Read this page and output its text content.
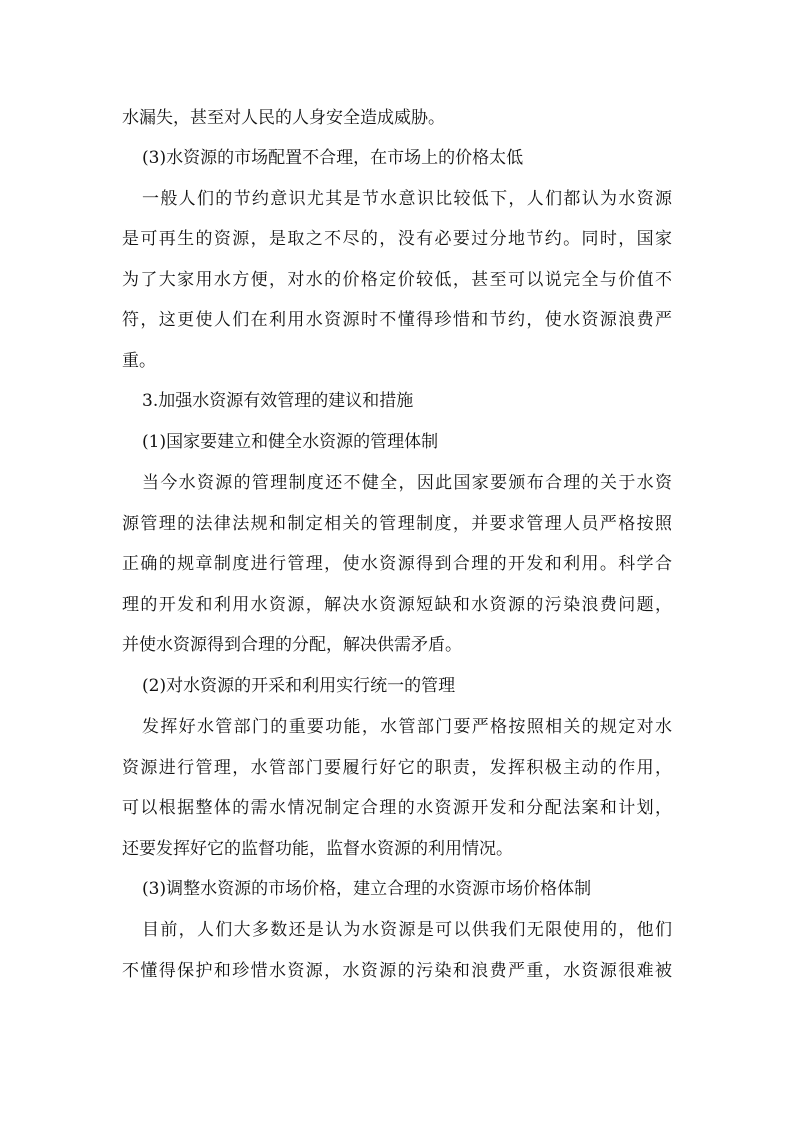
水漏失，甚至对人民的人身安全造成威胁。
(3)水资源的市场配置不合理，在市场上的价格太低
一般人们的节约意识尤其是节水意识比较低下，人们都认为水资源
是可再生的资源，是取之不尽的，没有必要过分地节约。同时，国家
为了大家用水方便，对水的价格定价较低，甚至可以说完全与价值不
符，这更使人们在利用水资源时不懂得珍惜和节约，使水资源浪费严
重。
3.加强水资源有效管理的建议和措施
(1)国家要建立和健全水资源的管理体制
当今水资源的管理制度还不健全，因此国家要颁布合理的关于水资
源管理的法律法规和制定相关的管理制度，并要求管理人员严格按照
正确的规章制度进行管理，使水资源得到合理的开发和利用。科学合
理的开发和利用水资源，解决水资源短缺和水资源的污染浪费问题，
并使水资源得到合理的分配，解决供需矛盾。
(2)对水资源的开采和利用实行统一的管理
发挥好水管部门的重要功能，水管部门要严格按照相关的规定对水
资源进行管理，水管部门要履行好它的职责，发挥积极主动的作用，
可以根据整体的需水情况制定合理的水资源开发和分配法案和计划，
还要发挥好它的监督功能，监督水资源的利用情况。
(3)调整水资源的市场价格，建立合理的水资源市场价格体制
目前，人们大多数还是认为水资源是可以供我们无限使用的，他们
不懂得保护和珍惜水资源，水资源的污染和浪费严重，水资源很难被
